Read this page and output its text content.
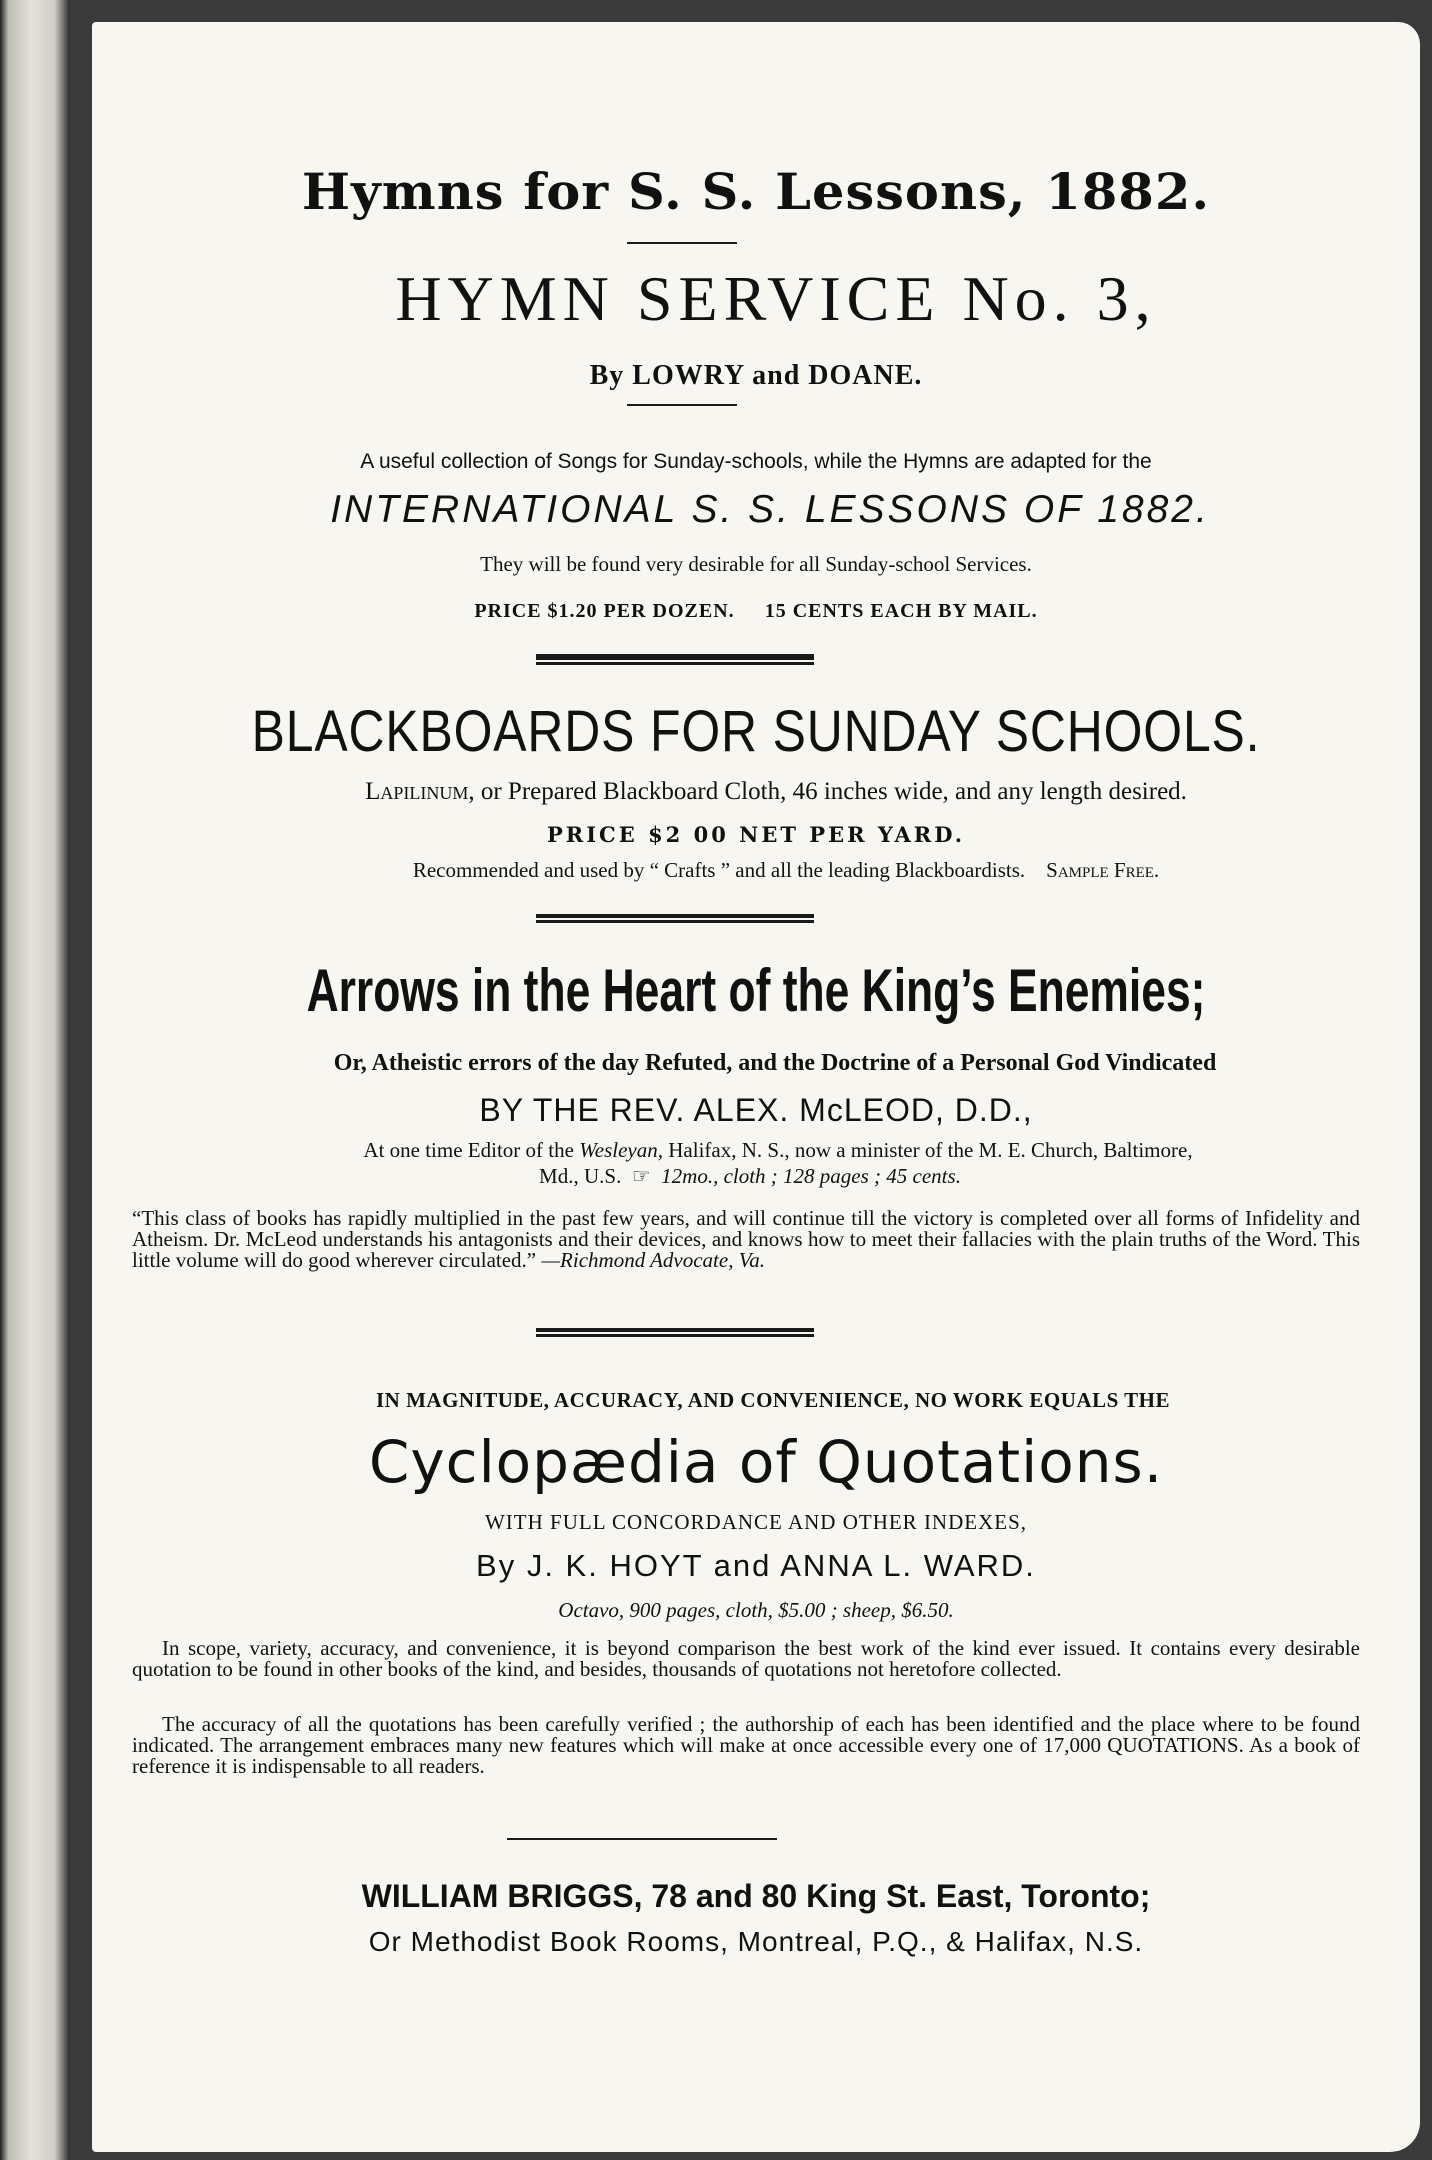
Hymns for S. S. Lessons, 1882.
HYMN SERVICE No. 3,
By LOWRY and DOANE.
A useful collection of Songs for Sunday-schools, while the Hymns are adapted for the
INTERNATIONAL S. S. LESSONS OF 1882.
They will be found very desirable for all Sunday-school Services.
PRICE $1.20 PER DOZEN. 15 CENTS EACH BY MAIL.
BLACKBOARDS FOR SUNDAY SCHOOLS.
Lapilinum, or Prepared Blackboard Cloth, 46 inches wide, and any length desired.
PRICE $2 00 NET PER YARD.
Recommended and used by “ Crafts ” and all the leading Blackboardists. Sample Free.
Arrows in the Heart of the King’s Enemies;
Or, Atheistic errors of the day Refuted, and the Doctrine of a Personal God Vindicated
BY THE REV. ALEX. McLEOD, D.D.,
At one time Editor of the Wesleyan, Halifax, N. S., now a minister of the M. E. Church, Baltimore,
Md., U.S. ☞ 12mo., cloth ; 128 pages ; 45 cents.
“This class of books has rapidly multiplied in the past few years, and will continue till the victory is completed over all forms of Infidelity and Atheism. Dr. McLeod understands his antagonists and their devices, and knows how to meet their fallacies with the plain truths of the Word. This little volume will do good wherever circulated.” —Richmond Advocate, Va.
IN MAGNITUDE, ACCURACY, AND CONVENIENCE, NO WORK EQUALS THE
Cyclopædia of Quotations.
WITH FULL CONCORDANCE AND OTHER INDEXES,
By J. K. HOYT and ANNA L. WARD.
Octavo, 900 pages, cloth, $5.00 ; sheep, $6.50.
In scope, variety, accuracy, and convenience, it is beyond comparison the best work of the kind ever issued. It contains every desirable quotation to be found in other books of the kind, and besides, thousands of quotations not heretofore collected.
The accuracy of all the quotations has been carefully verified ; the authorship of each has been identified and the place where to be found indicated. The arrangement embraces many new features which will make at once accessible every one of 17,000 QUOTATIONS. As a book of reference it is indispensable to all readers.
WILLIAM BRIGGS, 78 and 80 King St. East, Toronto;
Or Methodist Book Rooms, Montreal, P.Q., & Halifax, N.S.
